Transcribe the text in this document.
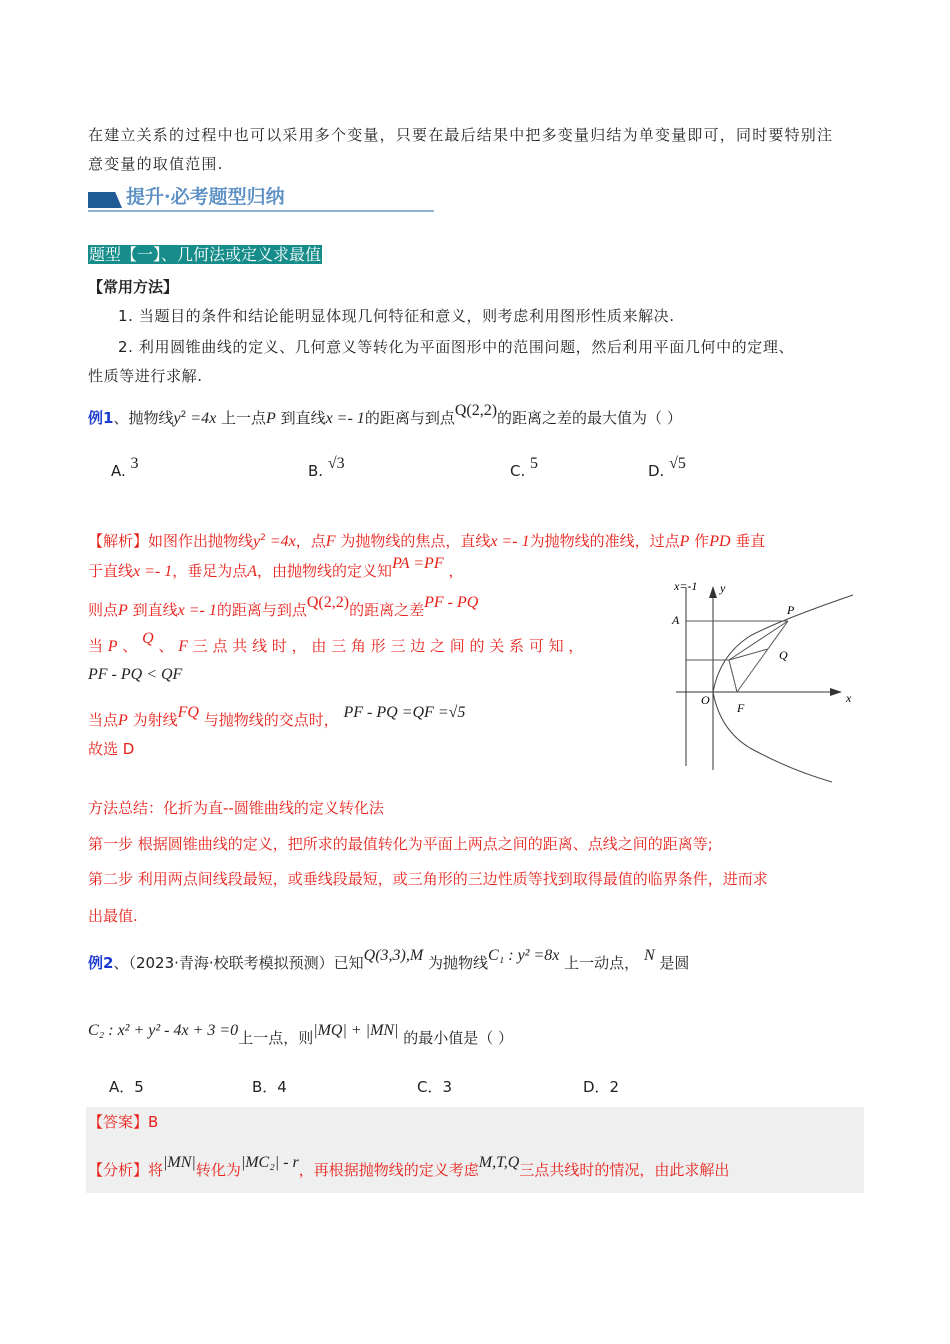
在建立关系的过程中也可以采用多个变量，只要在最后结果中把多变量归结为单变量即可，同时要特别注
意变量的取值范围.
提升·必考题型归纳
题型【一】、几何法或定义求最值
【常用方法】
1. 当题目的条件和结论能明显体现几何特征和意义，则考虑利用图形性质来解决.
2. 利用圆锥曲线的定义、几何意义等转化为平面图形中的范围问题，然后利用平面几何中的定理、
性质等进行求解.
例1、抛物线$y^2 =4x$ 上一点P 到直线x =- 1的距离与到点Q(2,2)的距离之差的最大值为（ ）
A. 3	B. √3	C. 5	D. √5
【解析】如图作出抛物线$y^2 =4x$，点F 为抛物线的焦点，直线x =- 1为抛物线的准线，过点P 作PD 垂直
于直线x =- 1，垂足为点A，由抛物线的定义知PA =PF ，
则点P 到直线x =- 1的距离与到点Q(2,2)的距离之差PF - PQ
当 P 、 Q 、 F 三 点 共 线 时 ， 由 三 角 形 三 边 之 间 的 关 系 可 知 ，
PF - PQ < QF
当点P 为射线FQ 与抛物线的交点时， PF - PQ =QF =√5
故选 D
x=-1 y
x
A
P
Q
O
F
方法总结：化折为直--圆锥曲线的定义转化法
第一步 根据圆锥曲线的定义，把所求的最值转化为平面上两点之间的距离、点线之间的距离等;
第二步 利用两点间线段最短，或垂线段最短，或三角形的三边性质等找到取得最值的临界条件，进而求
出最值.
例2、（2023·青海·校联考模拟预测）已知Q(3,3),M 为抛物线C₁ : y² =8x 上一动点， N 是圆
C₂ : x² + y² - 4x + 3 =0上一点，则|MQ| + |MN| 的最小值是（ ）
A．5	B．4	C．3	D．2
【答案】B
【分析】将|MN|转化为|MC₂| - r，再根据抛物线的定义考虑M,T,Q三点共线时的情况，由此求解出
